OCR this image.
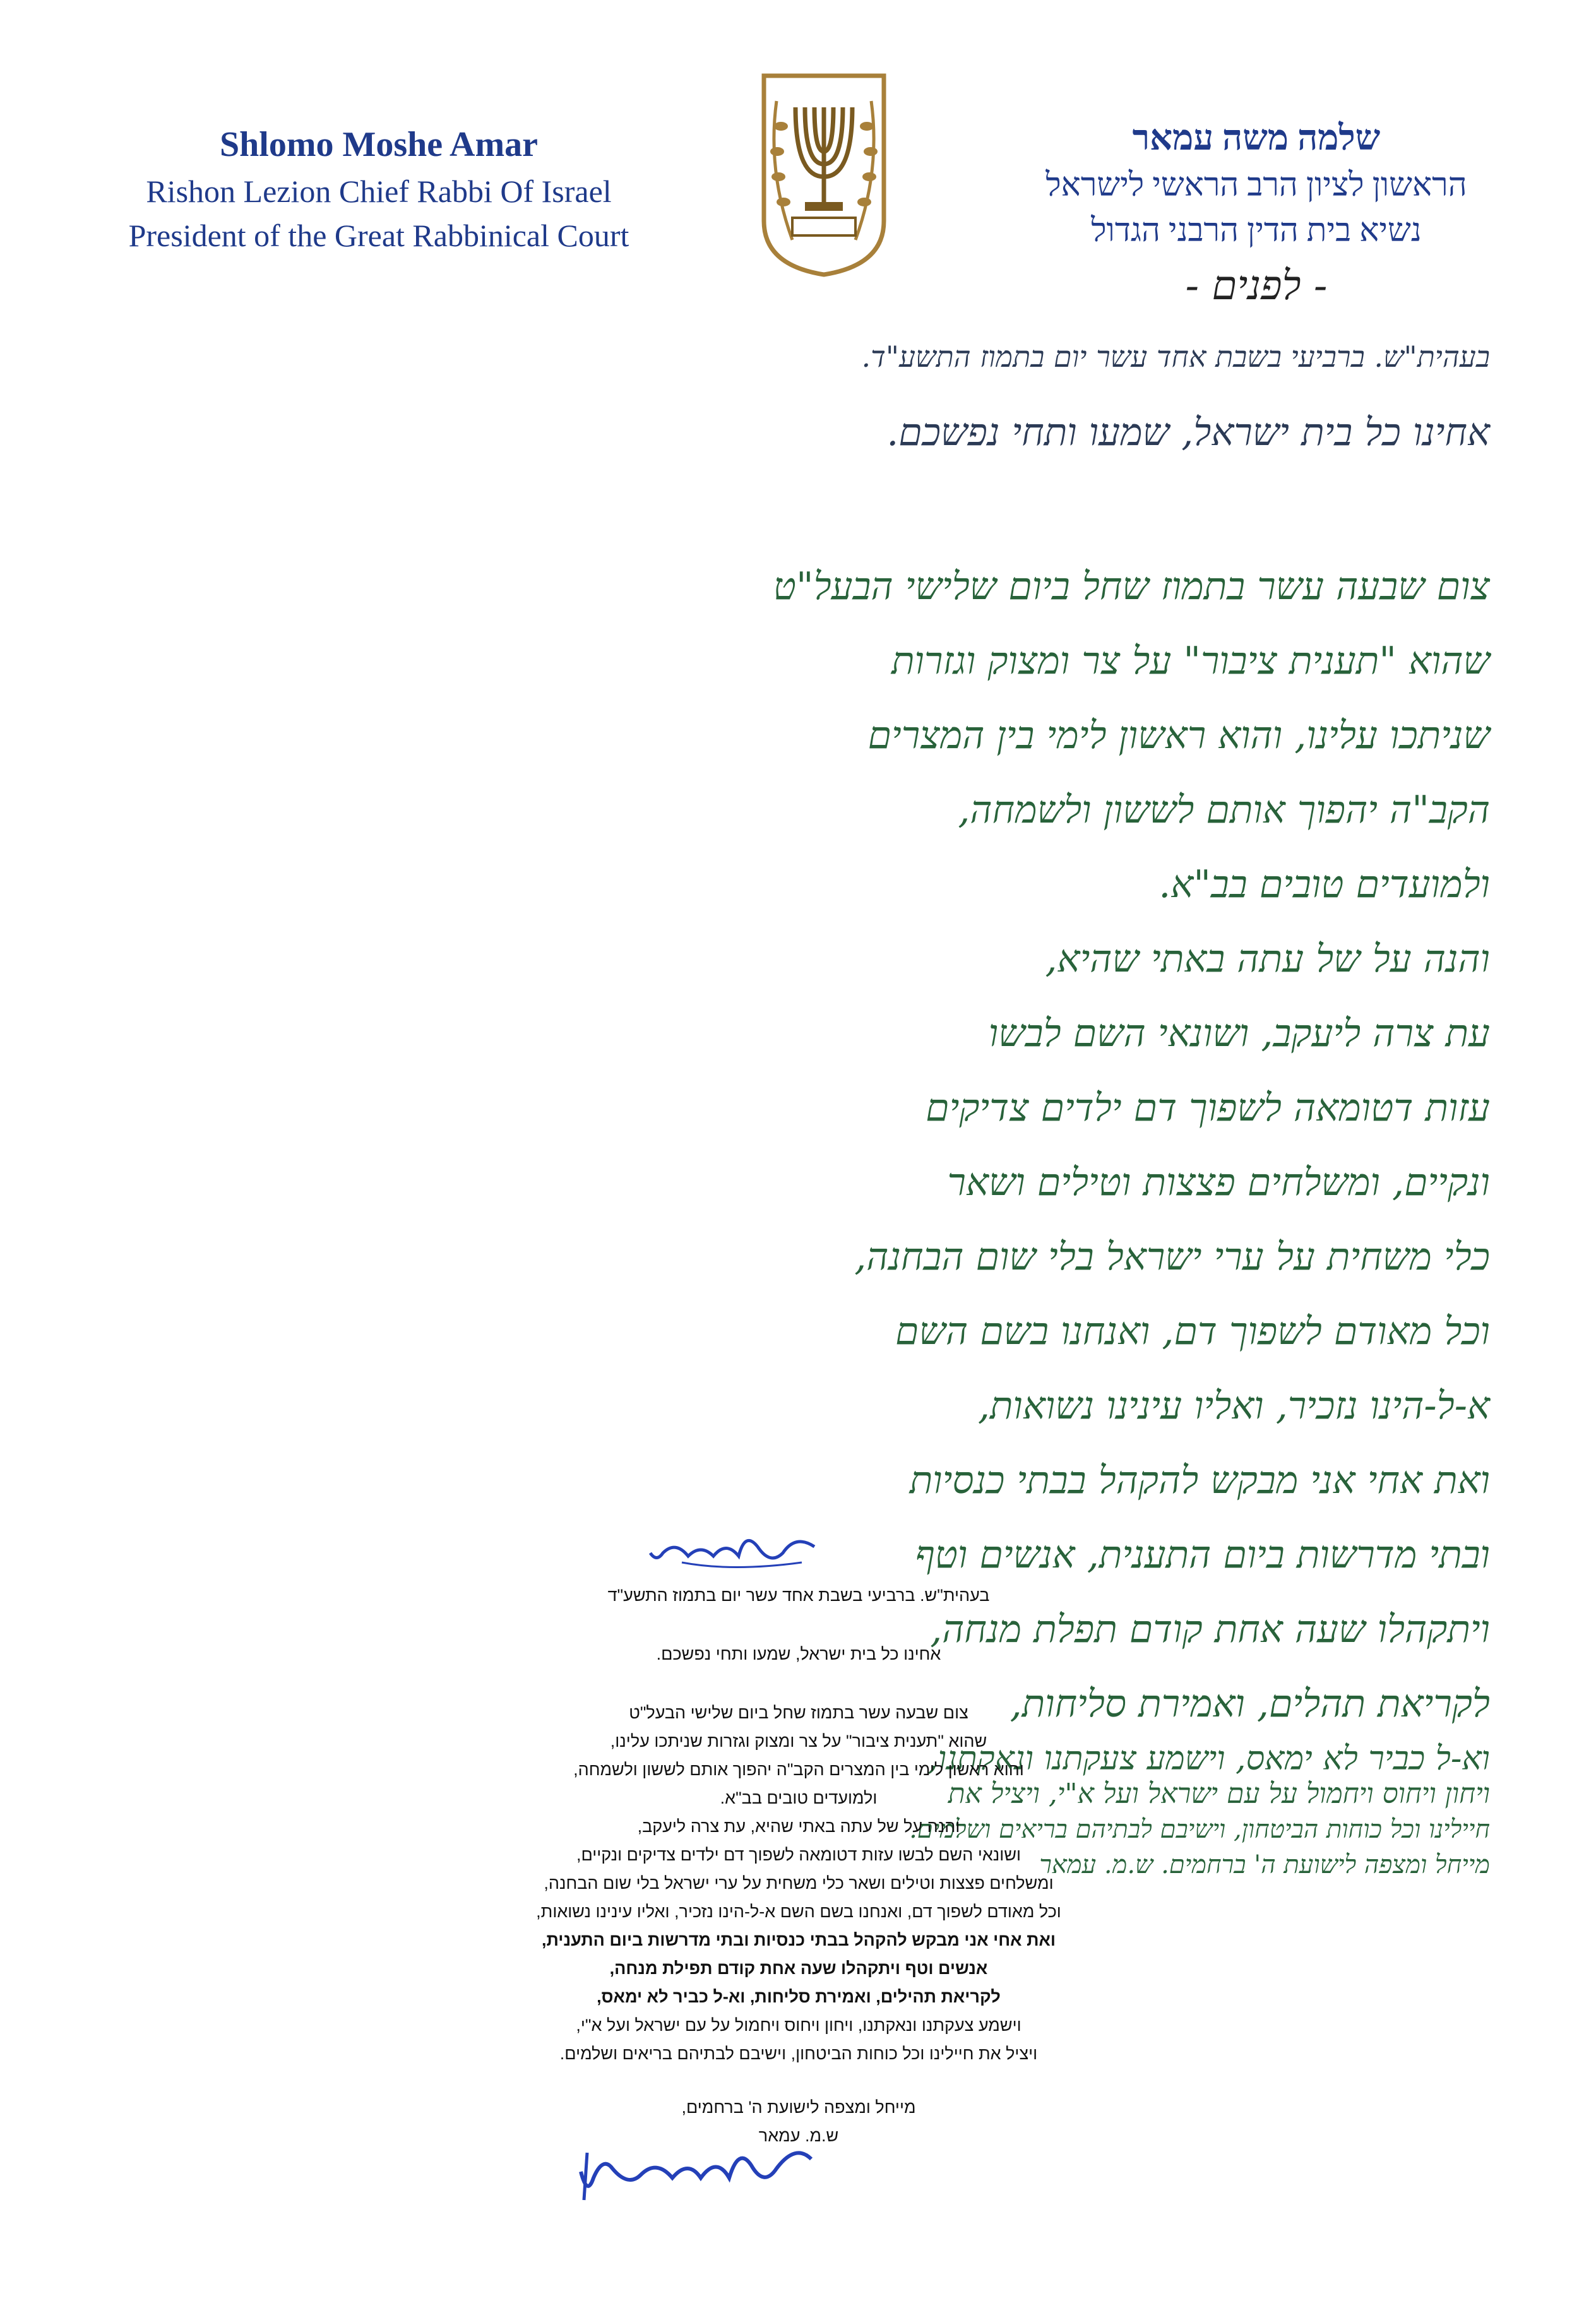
Shlomo Moshe Amar
Rishon Lezion Chief Rabbi Of Israel
President of the Great Rabbinical Court
שלמה משה עמאר
הראשון לציון הרב הראשי לישראל
נשיא בית הדין הרבני הגדול
- לפנים -
בעהית"ש. ברביעי בשבת אחד עשר יום בתמוז התשע"ד.
אחינו כל בית ישראל, שמעו ותחי נפשכם.
צום שבעה עשר בתמוז שחל ביום שלישי הבעל"ט
שהוא "תענית ציבור" על צר ומצוק וגזרות
שניתכו עלינו, והוא ראשון לימי בין המצרים
הקב"ה יהפוך אותם לששון ולשמחה,
ולמועדים טובים בב"א.
והנה על של עתה באתי שהיא,
עת צרה ליעקב, ושונאי השם לבשו
עזות דטומאה לשפוך דם ילדים צדיקים
ונקיים, ומשלחים פצצות וטילים ושאר
כלי משחית על ערי ישראל בלי שום הבחנה,
וכל מאודם לשפוך דם, ואנחנו בשם השם
א-ל-הינו נזכיר, ואליו עינינו נשואות,
ואת אחי אני מבקש להקהל בבתי כנסיות
ובתי מדרשות ביום התענית, אנשים וטף
ויתקהלו שעה אחת קודם תפלת מנחה,
לקריאת תהלים, ואמירת סליחות,
וא-ל כביר לא ימאס, וישמע צעקתנו ונאקתנו,
ויחון ויחוס ויחמול על עם ישראל ועל א"י, ויציל את
חיילינו וכל כוחות הביטחון, וישיבם לבתיהם בריאים ושלמים.
מייחל ומצפה לישועת ה' ברחמים. ש.מ. עמאר
בעהית"ש. ברביעי בשבת אחד עשר יום בתמוז התשע"ד
אחינו כל בית ישראל, שמעו ותחי נפשכם.
צום שבעה עשר בתמוז שחל ביום שלישי הבעל"ט
שהוא "תענית ציבור" על צר ומצוק וגזרות שניתכו עלינו,
והוא ראשון לימי בין המצרים הקב"ה יהפוך אותם לששון ולשמחה,
ולמועדים טובים בב"א.
והנה על של עתה באתי שהיא, עת צרה ליעקב,
ושונאי השם לבשו עזות דטומאה לשפוך דם ילדים צדיקים ונקיים,
ומשלחים פצצות וטילים ושאר כלי משחית על ערי ישראל בלי שום הבחנה,
וכל מאודם לשפוך דם, ואנחנו בשם השם א-ל-הינו נזכיר, ואליו עינינו נשואות,
ואת אחי אני מבקש להקהל בבתי כנסיות ובתי מדרשות ביום התענית,
אנשים וטף ויתקהלו שעה אחת קודם תפילת מנחה,
לקריאת תהילים, ואמירת סליחות, וא-ל כביר לא ימאס,
וישמע צעקתנו ונאקתנו, ויחון ויחוס ויחמול על עם ישראל ועל א"י,
ויציל את חיילינו וכל כוחות הביטחון, וישיבם לבתיהם בריאים ושלמים.
מייחל ומצפה לישועת ה' ברחמים,
ש.מ. עמאר
